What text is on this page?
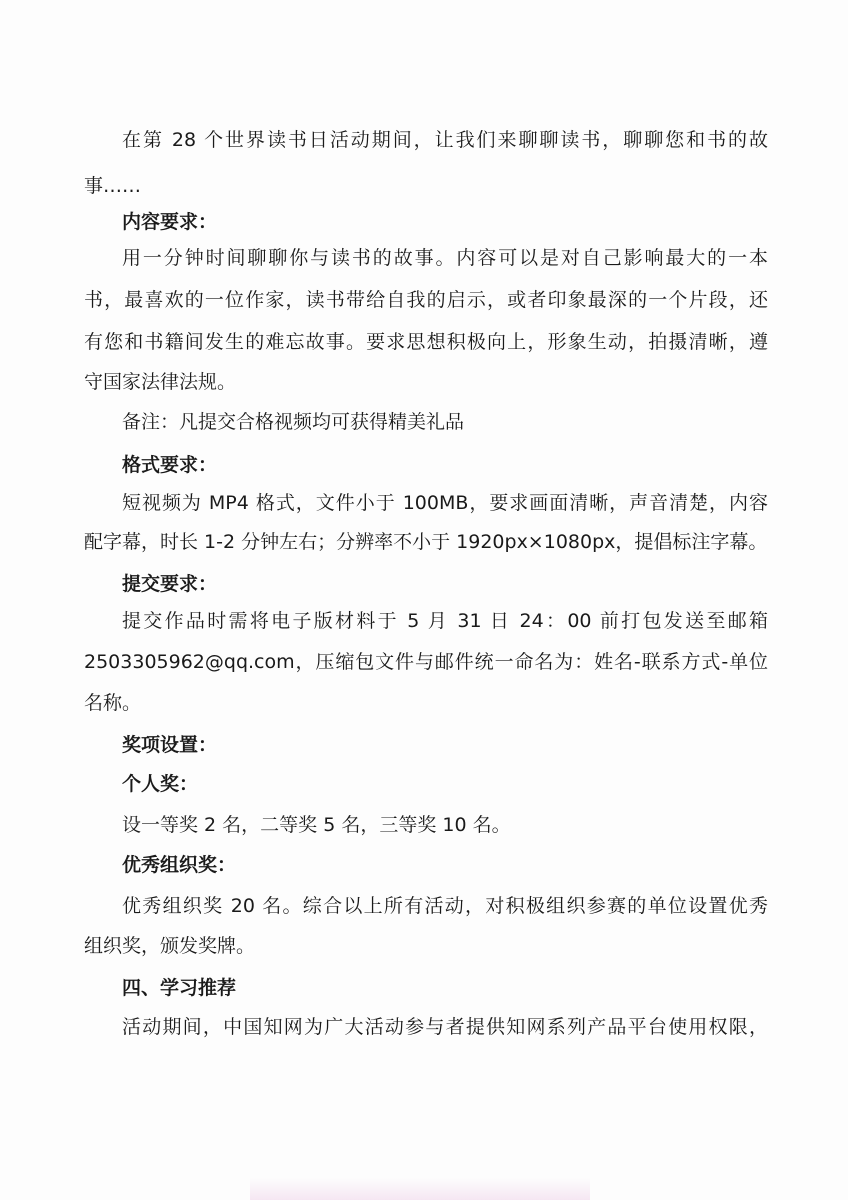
在第 28 个世界读书日活动期间，让我们来聊聊读书，聊聊您和书的故
事……
内容要求：
用一分钟时间聊聊你与读书的故事。内容可以是对自己影响最大的一本
书，最喜欢的一位作家，读书带给自我的启示，或者印象最深的一个片段，还
有您和书籍间发生的难忘故事。要求思想积极向上，形象生动，拍摄清晰，遵
守国家法律法规。
备注：凡提交合格视频均可获得精美礼品
格式要求：
短视频为 MP4 格式，文件小于 100MB，要求画面清晰，声音清楚，内容
配字幕，时长 1-2 分钟左右；分辨率不小于 1920px×1080px，提倡标注字幕。
提交要求：
提交作品时需将电子版材料于 5 月 31 日 24：00 前打包发送至邮箱
2503305962@qq.com，压缩包文件与邮件统一命名为：姓名-联系方式-单位
名称。
奖项设置：
个人奖：
设一等奖 2 名，二等奖 5 名，三等奖 10 名。
优秀组织奖：
优秀组织奖 20 名。综合以上所有活动，对积极组织参赛的单位设置优秀
组织奖，颁发奖牌。
四、学习推荐
活动期间，中国知网为广大活动参与者提供知网系列产品平台使用权限，
